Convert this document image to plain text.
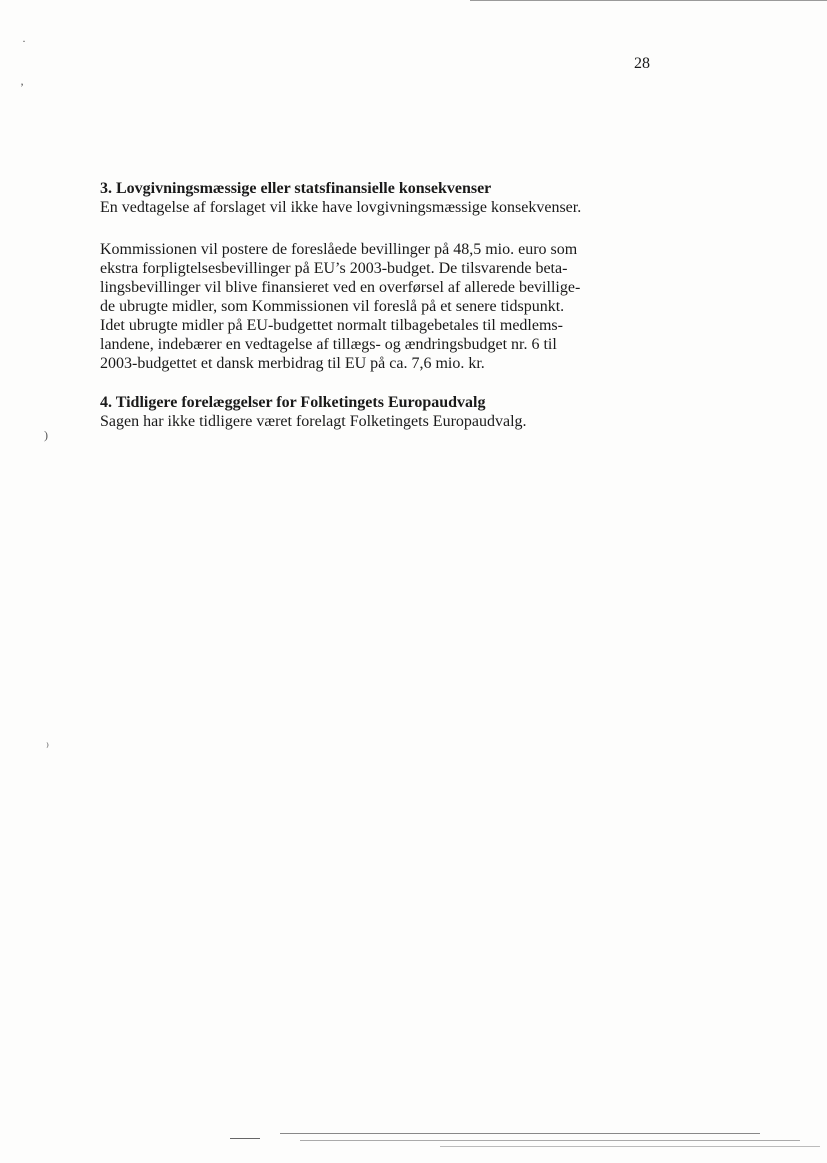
·
’
)
⁾
28

3. Lovgivningsmæssige eller statsfinansielle konsekvenser

En vedtagelse af forslaget vil ikke have lovgivningsmæssige konsekvenser.

Kommissionen vil postere de foreslåede bevillinger på 48,5 mio. euro som

ekstra forpligtelsesbevillinger på EU’s 2003-budget. De tilsvarende beta-

lingsbevillinger vil blive finansieret ved en overførsel af allerede bevillige-

de ubrugte midler, som Kommissionen vil foreslå på et senere tidspunkt.

Idet ubrugte midler på EU-budgettet normalt tilbagebetales til medlems-

landene, indebærer en vedtagelse af tillægs- og ændringsbudget nr. 6 til

2003-budgettet et dansk merbidrag til EU på ca. 7,6 mio. kr.

4. Tidligere forelæggelser for Folketingets Europaudvalg

Sagen har ikke tidligere været forelagt Folketingets Europaudvalg.
